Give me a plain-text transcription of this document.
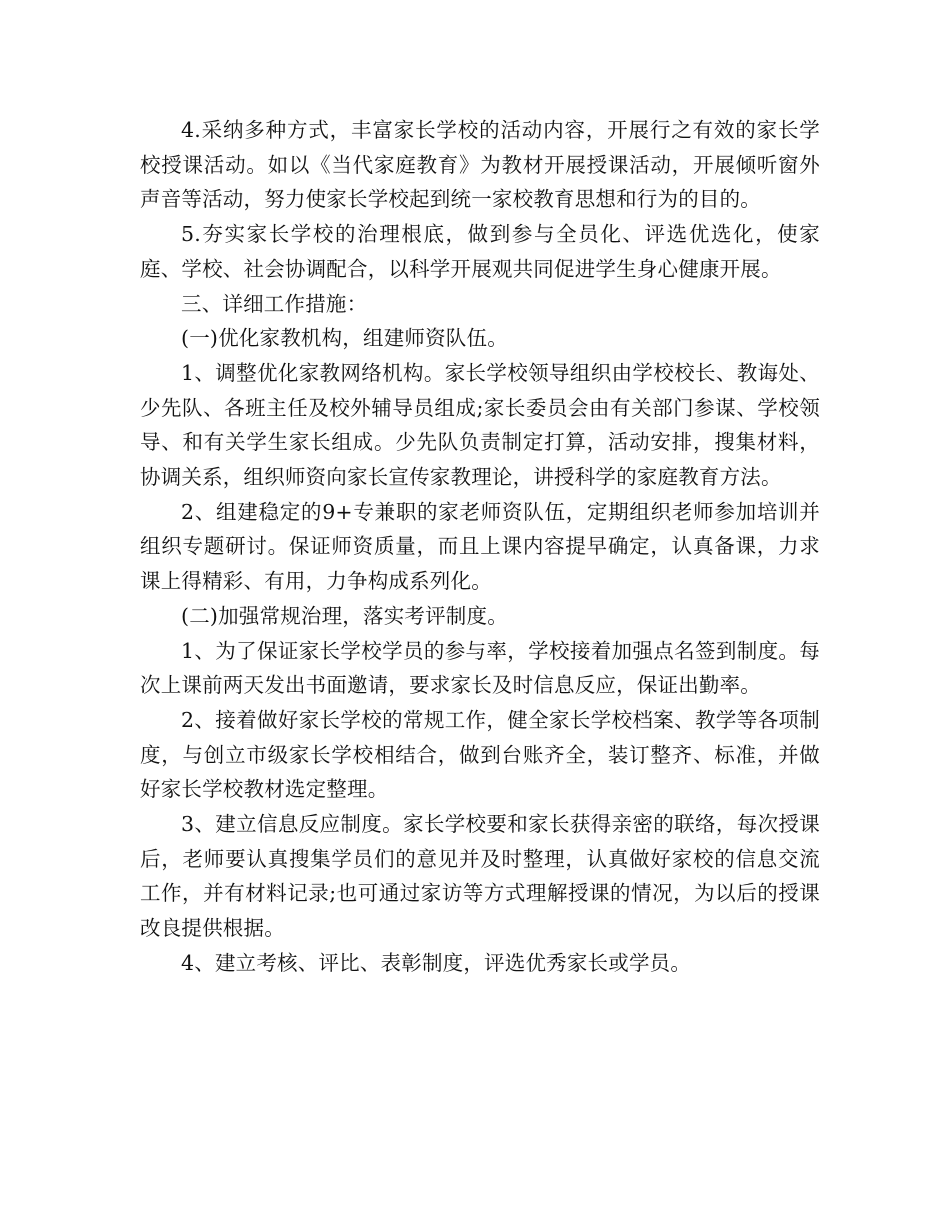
4.采纳多种方式，丰富家长学校的活动内容，开展行之有效的家长学校授课活动。如以《当代家庭教育》为教材开展授课活动，开展倾听窗外声音等活动，努力使家长学校起到统一家校教育思想和行为的目的。

5.夯实家长学校的治理根底，做到参与全员化、评选优选化，使家庭、学校、社会协调配合，以科学开展观共同促进学生身心健康开展。

三、详细工作措施：

(一)优化家教机构，组建师资队伍。

1、调整优化家教网络机构。家长学校领导组织由学校校长、教诲处、少先队、各班主任及校外辅导员组成;家长委员会由有关部门参谋、学校领导、和有关学生家长组成。少先队负责制定打算，活动安排，搜集材料，协调关系，组织师资向家长宣传家教理论，讲授科学的家庭教育方法。

2、组建稳定的9+专兼职的家老师资队伍，定期组织老师参加培训并组织专题研讨。保证师资质量，而且上课内容提早确定，认真备课，力求课上得精彩、有用，力争构成系列化。

(二)加强常规治理，落实考评制度。

1、为了保证家长学校学员的参与率，学校接着加强点名签到制度。每次上课前两天发出书面邀请，要求家长及时信息反应，保证出勤率。

2、接着做好家长学校的常规工作，健全家长学校档案、教学等各项制度，与创立市级家长学校相结合，做到台账齐全，装订整齐、标准，并做好家长学校教材选定整理。

3、建立信息反应制度。家长学校要和家长获得亲密的联络，每次授课后，老师要认真搜集学员们的意见并及时整理，认真做好家校的信息交流工作，并有材料记录;也可通过家访等方式理解授课的情况，为以后的授课改良提供根据。

4、建立考核、评比、表彰制度，评选优秀家长或学员。
